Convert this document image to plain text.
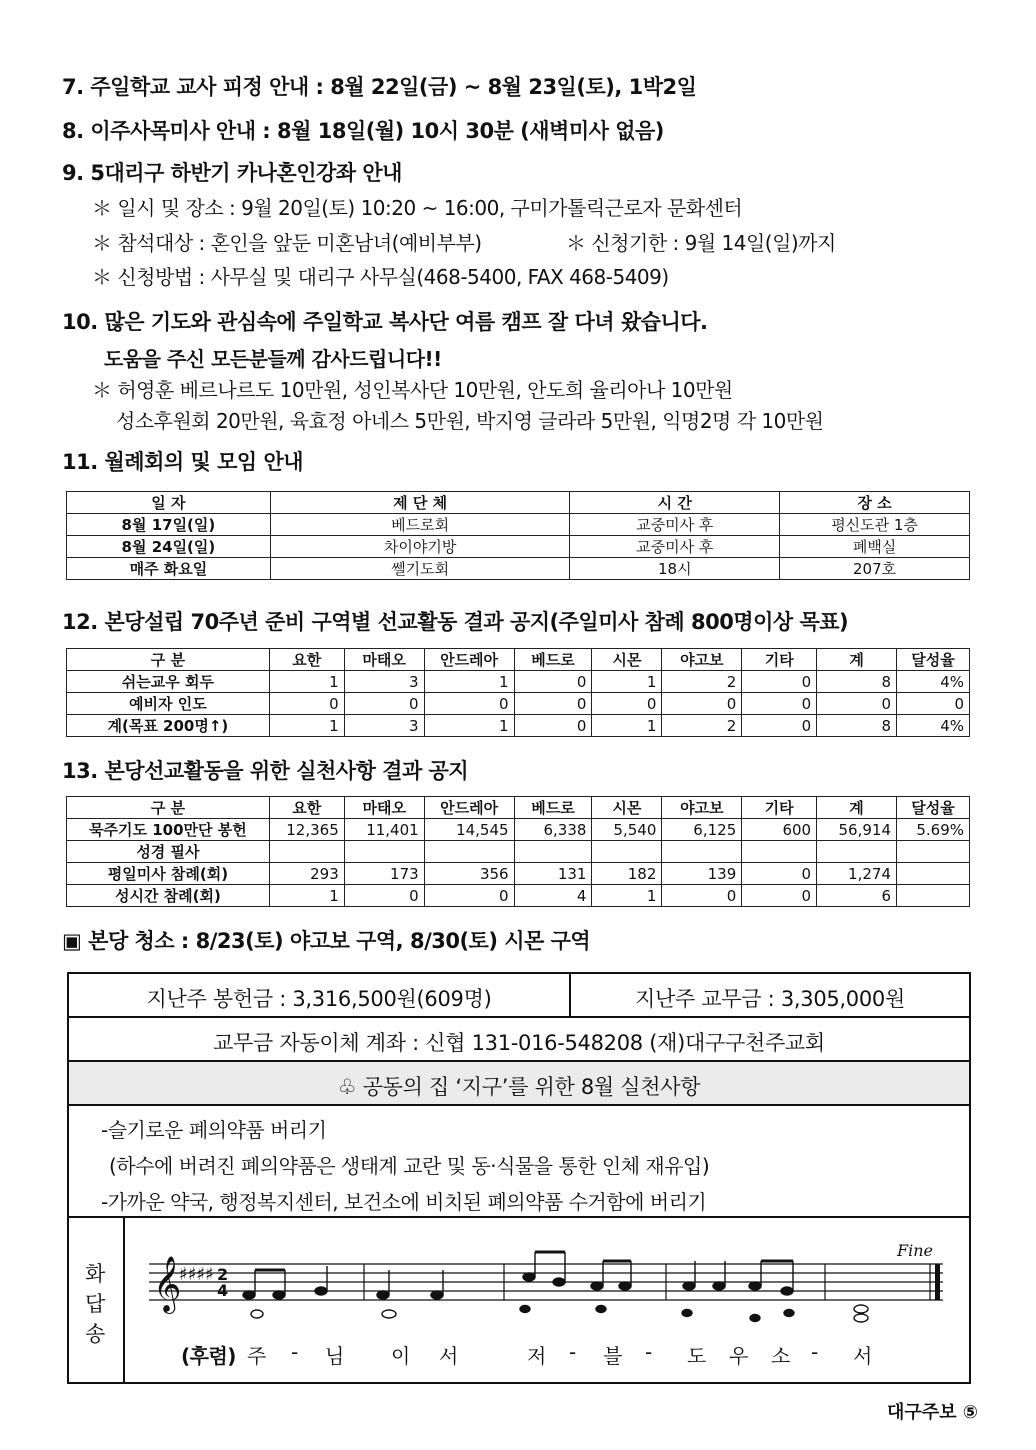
7. 주일학교 교사 피정 안내 : 8월 22일(금) ~ 8월 23일(토), 1박2일
8. 이주사목미사 안내 : 8월 18일(월) 10시 30분 (새벽미사 없음)
9. 5대리구 하반기 카나혼인강좌 안내
＊ 일시 및 장소 : 9월 20일(토) 10:20 ~ 16:00, 구미가톨릭근로자 문화센터
＊ 참석대상 : 혼인을 앞둔 미혼남녀(예비부부)	＊ 신청기한 : 9월 14일(일)까지
＊ 신청방법 : 사무실 및 대리구 사무실(468-5400, FAX 468-5409)
10. 많은 기도와 관심속에 주일학교 복사단 여름 캠프 잘 다녀 왔습니다.
도움을 주신 모든분들께 감사드립니다!!
＊ 허영훈 베르나르도 10만원, 성인복사단 10만원, 안도희 율리아나 10만원
성소후원회 20만원, 육효정 아네스 5만원, 박지영 글라라 5만원, 익명2명 각 10만원
11. 월례회의 및 모임 안내
일 자	제 단 체	시 간	장 소
8월 17일(일)	베드로회	교중미사 후	평신도관 1층
8월 24일(일)	차이야기방	교중미사 후	폐백실
매주 화요일	쎌기도회	18시	207호
12. 본당설립 70주년 준비 구역별 선교활동 결과 공지(주일미사 참례 800명이상 목표)
구 분	요한	마태오	안드레아	베드로	시몬	야고보	기타	계	달성율
쉬는교우 회두	1	3	1	0	1	2	0	8	4%
예비자 인도	0	0	0	0	0	0	0	0	0
계(목표 200명↑)	1	3	1	0	1	2	0	8	4%
13. 본당선교활동을 위한 실천사항 결과 공지
구 분	요한	마태오	안드레아	베드로	시몬	야고보	기타	계	달성율
묵주기도 100만단 봉헌	12,365	11,401	14,545	6,338	5,540	6,125	600	56,914	5.69%
성경 필사									
평일미사 참례(회)	293	173	356	131	182	139	0	1,274	
성시간 참례(회)	1	0	0	4	1	0	0	6	
▣ 본당 청소 : 8/23(토) 야고보 구역, 8/30(토) 시몬 구역
지난주 봉헌금 : 3,316,500원(609명)	지난주 교무금 : 3,305,000원
교무금 자동이체 계좌 : 신협 131-016-548208 (재)대구구천주교회
♧ 공동의 집 ‘지구’를 위한 8월 실천사항
-슬기로운 폐의약품 버리기
(하수에 버려진 폐의약품은 생태계 교란 및 동·식물을 통한 인체 재유입)
-가까운 약국, 행정복지센터, 보건소에 비치된 폐의약품 수거함에 버리기
화
답
송
𝄞
♯♯♯♯ 2
4
Fine
(후렴) 주 - 님 이 서	저 - 블 - 도 우 소 - 서
대구주보 ⑤
